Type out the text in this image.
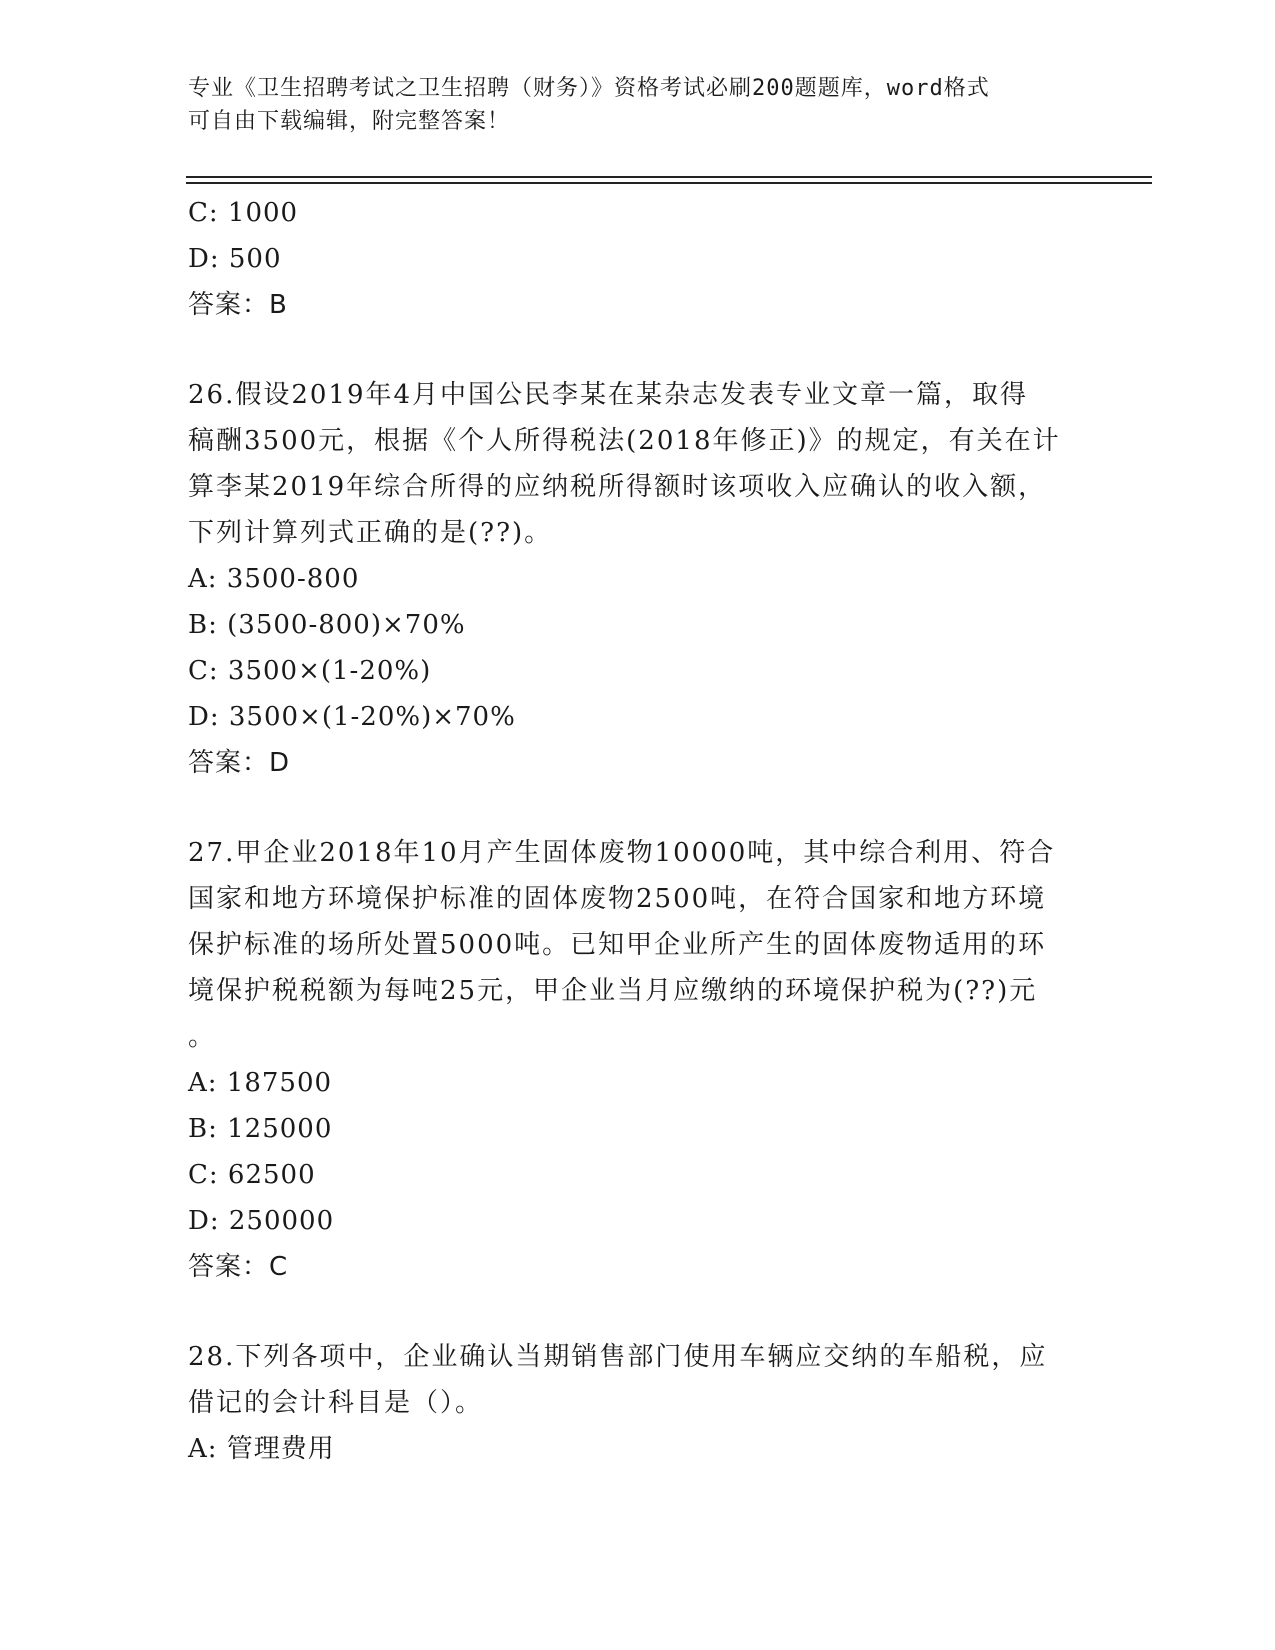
专业《卫生招聘考试之卫生招聘（财务）》资格考试必刷200题题库，word格式
可自由下载编辑，附完整答案！
C: 1000
D: 500
答案：B
26.假设2019年4月中国公民李某在某杂志发表专业文章一篇，取得
稿酬3500元，根据《个人所得税法(2018年修正)》的规定，有关在计
算李某2019年综合所得的应纳税所得额时该项收入应确认的收入额，
下列计算列式正确的是(??)。
A: 3500-800
B: (3500-800)×70%
C: 3500×(1-20%)
D: 3500×(1-20%)×70%
答案：D
27.甲企业2018年10月产生固体废物10000吨，其中综合利用、符合
国家和地方环境保护标准的固体废物2500吨，在符合国家和地方环境
保护标准的场所处置5000吨。已知甲企业所产生的固体废物适用的环
境保护税税额为每吨25元，甲企业当月应缴纳的环境保护税为(??)元
。
A: 187500
B: 125000
C: 62500
D: 250000
答案：C
28.下列各项中，企业确认当期销售部门使用车辆应交纳的车船税，应
借记的会计科目是（）。
A: 管理费用
